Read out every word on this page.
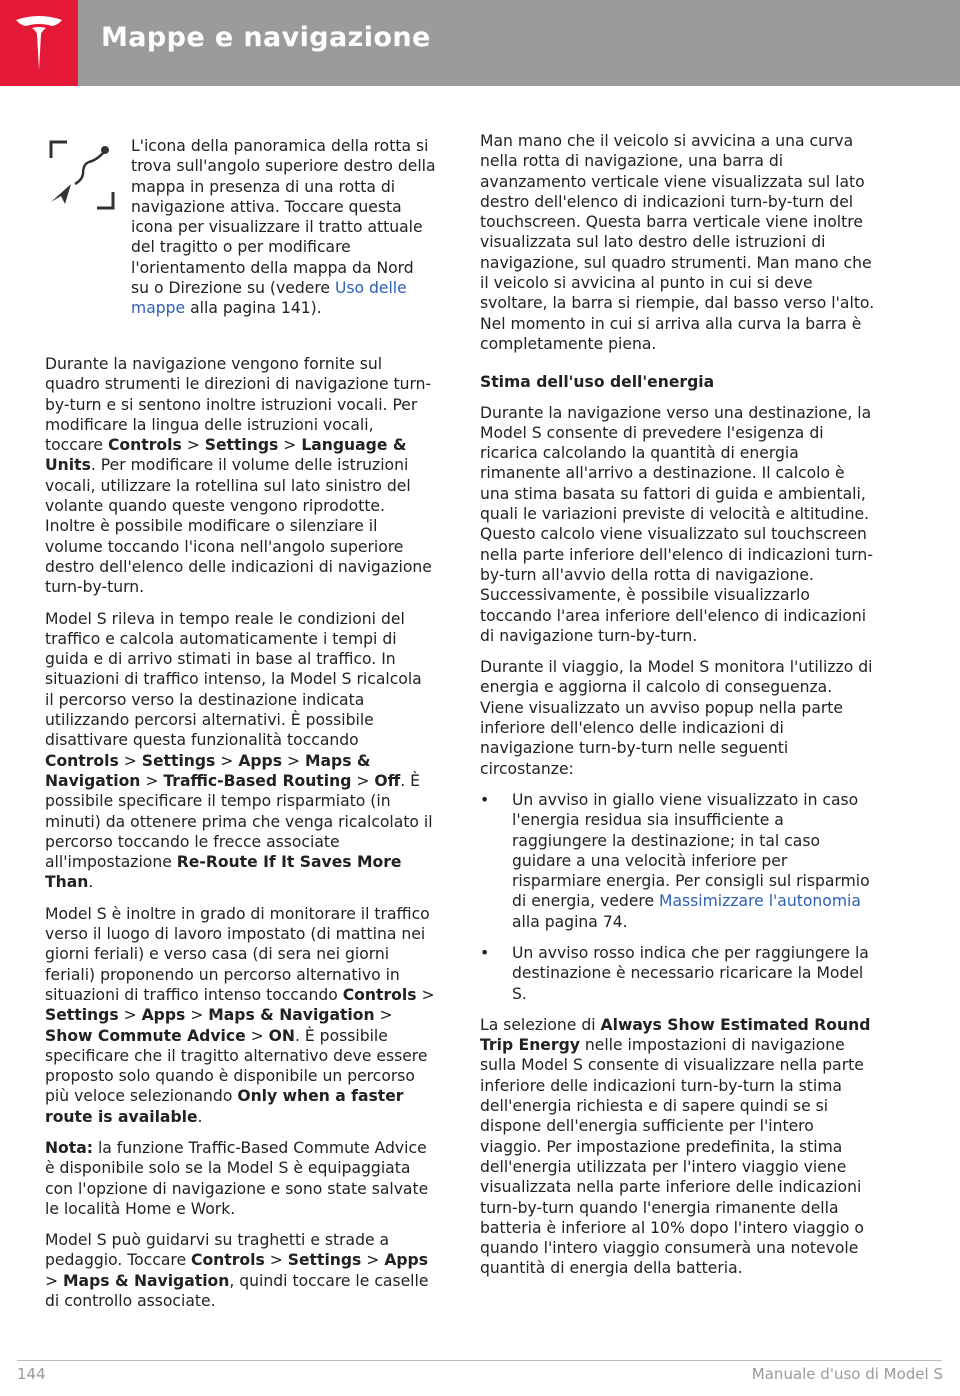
Mappe e navigazione
L'icona della panoramica della rotta si trova sull'angolo superiore destro della mappa in presenza di una rotta di navigazione attiva. Toccare questa icona per visualizzare il tratto attuale del tragitto o per modificare l'orientamento della mappa da Nord su o Direzione su (vedere Uso delle mappe alla pagina 141).

Durante la navigazione vengono fornite sul quadro strumenti le direzioni di navigazione turn-by-turn e si sentono inoltre istruzioni vocali. Per modificare la lingua delle istruzioni vocali, toccare Controls > Settings > Language & Units. Per modificare il volume delle istruzioni vocali, utilizzare la rotellina sul lato sinistro del volante quando queste vengono riprodotte. Inoltre è possibile modificare o silenziare il volume toccando l'icona nell'angolo superiore destro dell'elenco delle indicazioni di navigazione turn-by-turn.

Model S rileva in tempo reale le condizioni del traffico e calcola automaticamente i tempi di guida e di arrivo stimati in base al traffico. In situazioni di traffico intenso, la Model S ricalcola il percorso verso la destinazione indicata utilizzando percorsi alternativi. È possibile disattivare questa funzionalità toccando Controls > Settings > Apps > Maps & Navigation > Traffic-Based Routing > Off. È possibile specificare il tempo risparmiato (in minuti) da ottenere prima che venga ricalcolato il percorso toccando le frecce associate all'impostazione Re-Route If It Saves More Than.

Model S è inoltre in grado di monitorare il traffico verso il luogo di lavoro impostato (di mattina nei giorni feriali) e verso casa (di sera nei giorni feriali) proponendo un percorso alternativo in situazioni di traffico intenso toccando Controls > Settings > Apps > Maps & Navigation > Show Commute Advice > ON. È possibile specificare che il tragitto alternativo deve essere proposto solo quando è disponibile un percorso più veloce selezionando Only when a faster route is available.

Nota: la funzione Traffic-Based Commute Advice è disponibile solo se la Model S è equipaggiata con l'opzione di navigazione e sono state salvate le località Home e Work.

Model S può guidarvi su traghetti e strade a pedaggio. Toccare Controls > Settings > Apps > Maps & Navigation, quindi toccare le caselle di controllo associate.

Man mano che il veicolo si avvicina a una curva nella rotta di navigazione, una barra di avanzamento verticale viene visualizzata sul lato destro dell'elenco di indicazioni turn-by-turn del touchscreen. Questa barra verticale viene inoltre visualizzata sul lato destro delle istruzioni di navigazione, sul quadro strumenti. Man mano che il veicolo si avvicina al punto in cui si deve svoltare, la barra si riempie, dal basso verso l'alto. Nel momento in cui si arriva alla curva la barra è completamente piena.

Stima dell'uso dell'energia

Durante la navigazione verso una destinazione, la Model S consente di prevedere l'esigenza di ricarica calcolando la quantità di energia rimanente all'arrivo a destinazione. Il calcolo è una stima basata su fattori di guida e ambientali, quali le variazioni previste di velocità e altitudine. Questo calcolo viene visualizzato sul touchscreen nella parte inferiore dell'elenco di indicazioni turn-by-turn all'avvio della rotta di navigazione. Successivamente, è possibile visualizzarlo toccando l'area inferiore dell'elenco di indicazioni di navigazione turn-by-turn.

Durante il viaggio, la Model S monitora l'utilizzo di energia e aggiorna il calcolo di conseguenza. Viene visualizzato un avviso popup nella parte inferiore dell'elenco delle indicazioni di navigazione turn-by-turn nelle seguenti circostanze:

• Un avviso in giallo viene visualizzato in caso l'energia residua sia insufficiente a raggiungere la destinazione; in tal caso guidare a una velocità inferiore per risparmiare energia. Per consigli sul risparmio di energia, vedere Massimizzare l'autonomia alla pagina 74.
• Un avviso rosso indica che per raggiungere la destinazione è necessario ricaricare la Model S.

La selezione di Always Show Estimated Round Trip Energy nelle impostazioni di navigazione sulla Model S consente di visualizzare nella parte inferiore delle indicazioni turn-by-turn la stima dell'energia richiesta e di sapere quindi se si dispone dell'energia sufficiente per l'intero viaggio. Per impostazione predefinita, la stima dell'energia utilizzata per l'intero viaggio viene visualizzata nella parte inferiore delle indicazioni turn-by-turn quando l'energia rimanente della batteria è inferiore al 10% dopo l'intero viaggio o quando l'intero viaggio consumerà una notevole quantità di energia della batteria.

144	Manuale d'uso di Model S
